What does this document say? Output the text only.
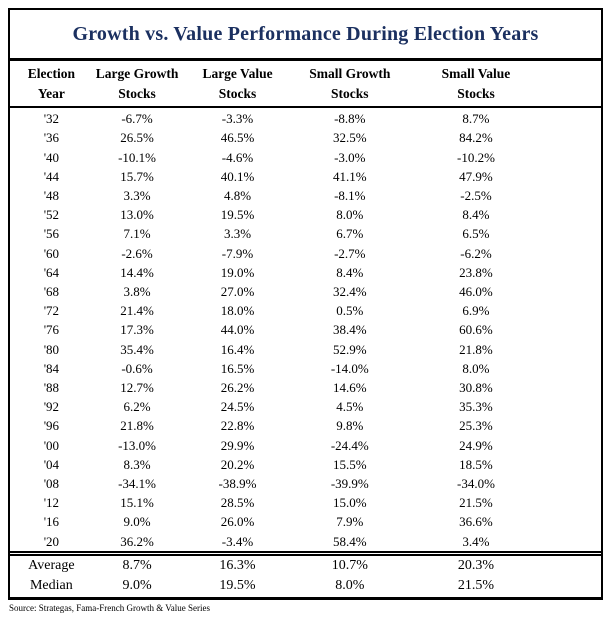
Growth vs. Value Performance During Election Years
Election
Year

Large Growth
Stocks

Large Value
Stocks

Small Growth
Stocks

Small Value
Stocks

'32	-6.7%	-3.3%	-8.8%	8.7%
'36	26.5%	46.5%	32.5%	84.2%
'40	-10.1%	-4.6%	-3.0%	-10.2%
'44	15.7%	40.1%	41.1%	47.9%
'48	3.3%	4.8%	-8.1%	-2.5%
'52	13.0%	19.5%	8.0%	8.4%
'56	7.1%	3.3%	6.7%	6.5%
'60	-2.6%	-7.9%	-2.7%	-6.2%
'64	14.4%	19.0%	8.4%	23.8%
'68	3.8%	27.0%	32.4%	46.0%
'72	21.4%	18.0%	0.5%	6.9%
'76	17.3%	44.0%	38.4%	60.6%
'80	35.4%	16.4%	52.9%	21.8%
'84	-0.6%	16.5%	-14.0%	8.0%
'88	12.7%	26.2%	14.6%	30.8%
'92	6.2%	24.5%	4.5%	35.3%
'96	21.8%	22.8%	9.8%	25.3%
'00	-13.0%	29.9%	-24.4%	24.9%
'04	8.3%	20.2%	15.5%	18.5%
'08	-34.1%	-38.9%	-39.9%	-34.0%
'12	15.1%	28.5%	15.0%	21.5%
'16	9.0%	26.0%	7.9%	36.6%
'20	36.2%	-3.4%	58.4%	3.4%
Average	8.7%	16.3%	10.7%	20.3%
Median	9.0%	19.5%	8.0%	21.5%
Source: Strategas, Fama-French Growth & Value Series
